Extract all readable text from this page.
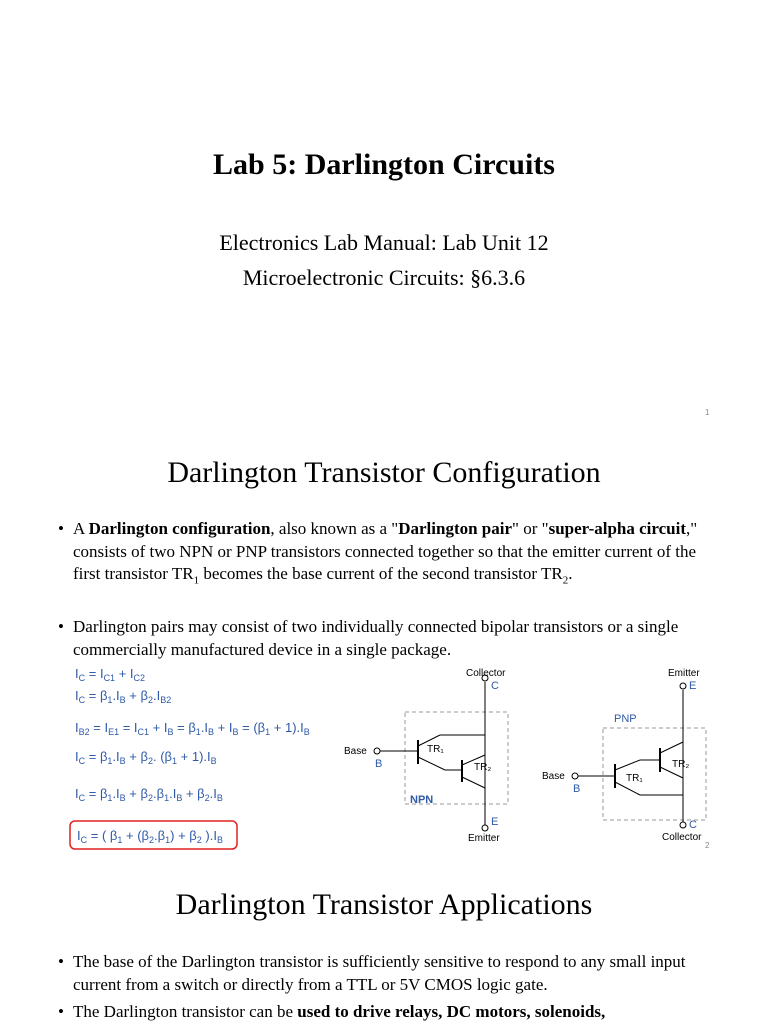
Lab 5: Darlington Circuits
Electronics Lab Manual: Lab Unit 12
Microelectronic Circuits: §6.3.6
1
Darlington Transistor Configuration
• A Darlington configuration, also known as a "Darlington pair" or "super-alpha circuit," consists of two NPN or PNP transistors connected together so that the emitter current of the first transistor $TR_1$ becomes the base current of the second transistor $TR_2$.
• Darlington pairs may consist of two individually connected bipolar transistors or a single commercially manufactured device in a single package.
$I_C = I_{C1} + I_{C2}$
$I_C = \beta_1.I_B + \beta_2.I_{B2}$
$I_{B2} = I_{E1} = I_{C1} + I_B = \beta_1.I_B + I_B = (\beta_1 + 1).I_B$
$I_C = \beta_1.I_B + \beta_2$. $(\beta_1 + 1).I_B$
$I_C = \beta_1.I_B + \beta_2.\beta_1.I_B + \beta_2.I_B$
$I_C$ = ( $\beta_1 + (\beta_2.\beta_1) + \beta_2$ )$.I_B$
Collector
C
Base
B
TR₁
TR₂
NPN
E
Emitter
Emitter
E
PNP
Base
B
TR₁
TR₂
C
Collector
2
Darlington Transistor Applications
• The base of the Darlington transistor is sufficiently sensitive to respond to any small input current from a switch or directly from a TTL or 5V CMOS logic gate.
• The Darlington transistor can be used to drive relays, DC motors, solenoids,
